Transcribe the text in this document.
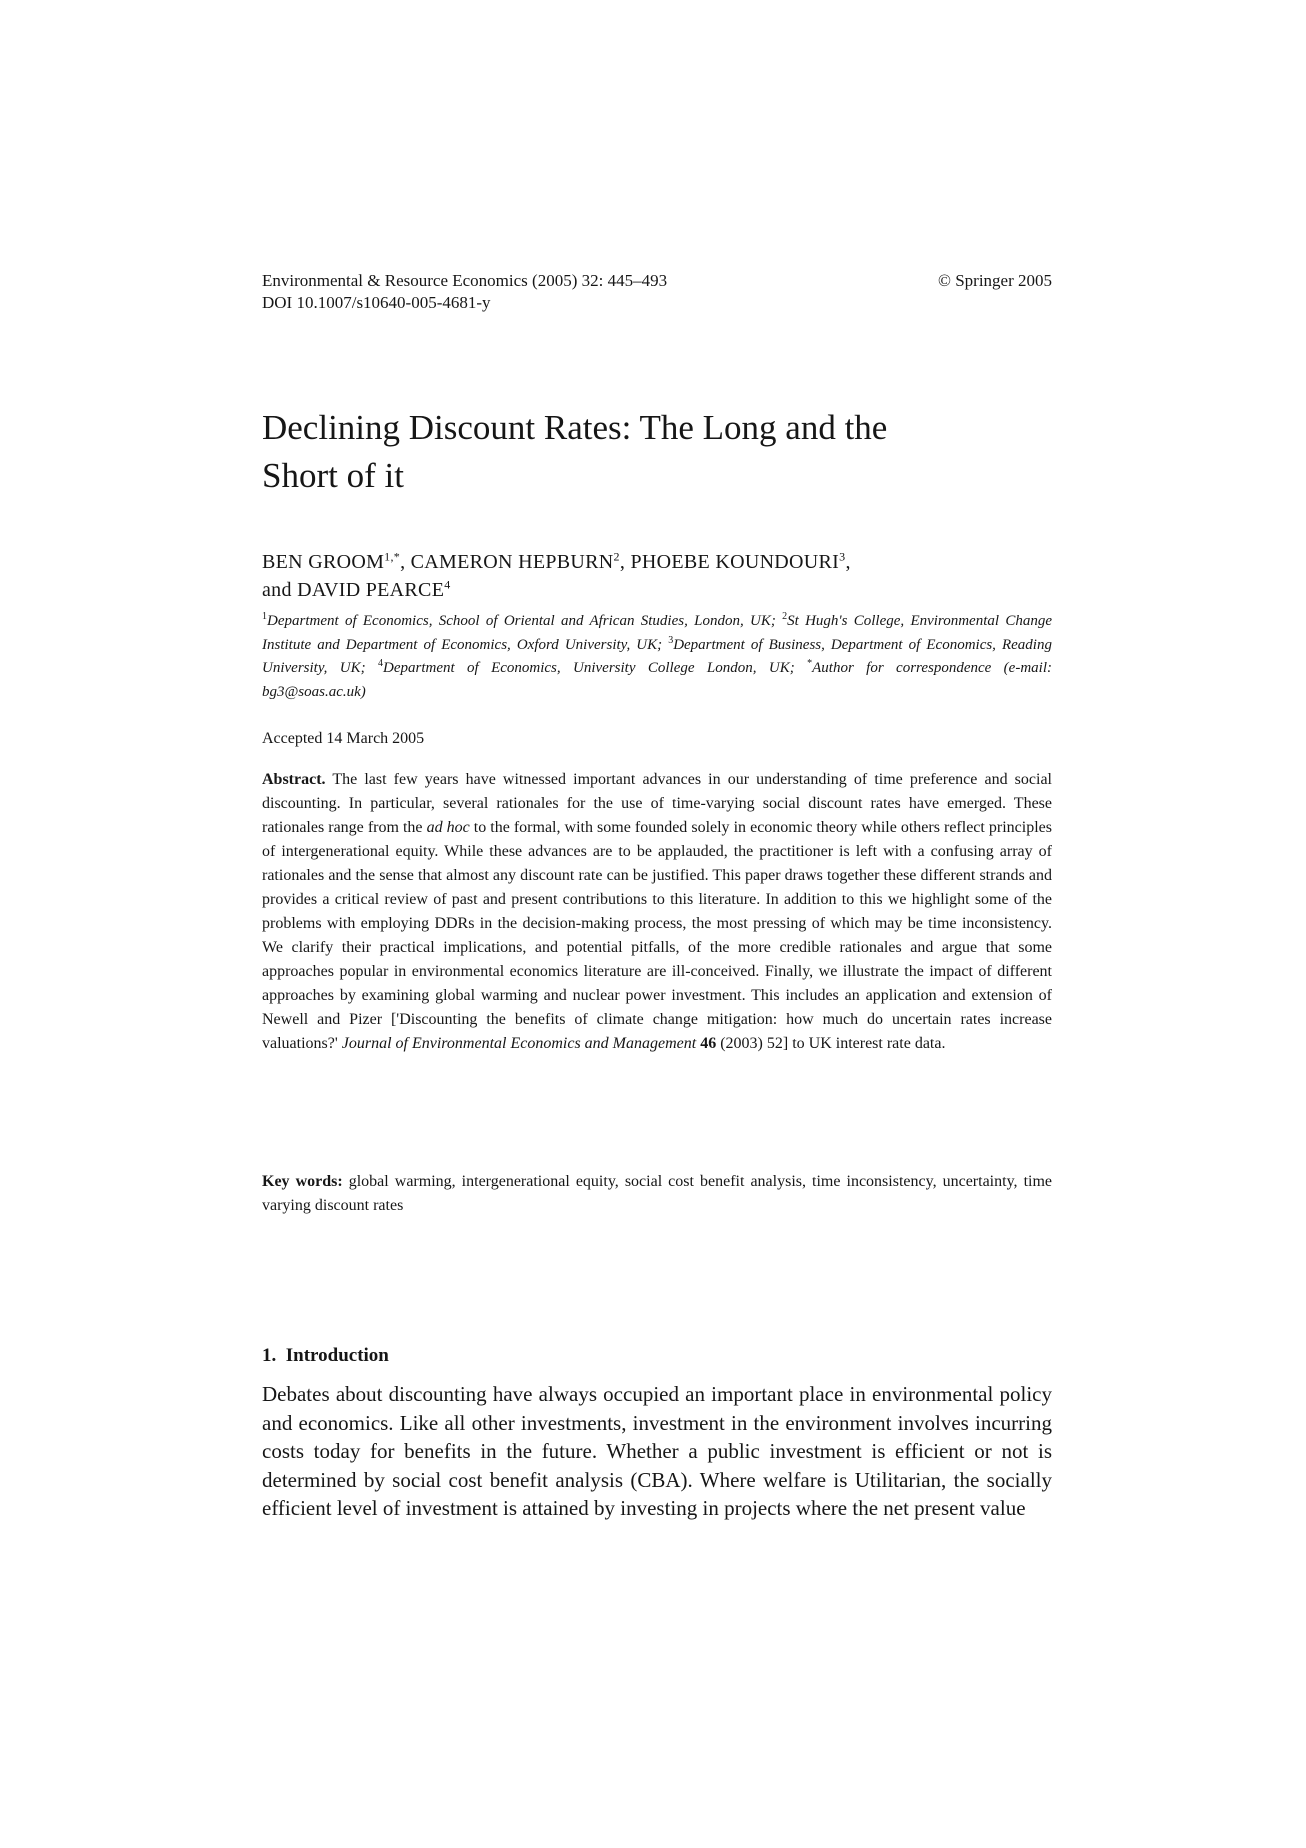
Environmental & Resource Economics (2005) 32: 445–493	© Springer 2005
DOI 10.1007/s10640-005-4681-y
Declining Discount Rates: The Long and the
Short of it
BEN $GROOM^{1,*}$, CAMERON HEPBURN$^2$, PHOEBE KOUNDOURI$^3$,
and DAVID PEARCE$^4$
$^1$Department of Economics, School of Oriental and African Studies, London, UK; $^2$St Hugh's College, Environmental Change Institute and Department of Economics, Oxford University, UK; $^3$Department of Business, Department of Economics, Reading University, UK; $^4$Department of Economics, University College London, UK; *Author for correspondence (e-mail: bg3@soas.ac.uk)
Accepted 14 March 2005

Abstract. The last few years have witnessed important advances in our understanding of time preference and social discounting. In particular, several rationales for the use of time-varying social discount rates have emerged. These rationales range from the ad hoc to the formal, with some founded solely in economic theory while others reflect principles of intergenerational equity. While these advances are to be applauded, the practitioner is left with a confusing array of rationales and the sense that almost any discount rate can be justified. This paper draws together these different strands and provides a critical review of past and present contributions to this literature. In addition to this we highlight some of the problems with employing DDRs in the decision-making process, the most pressing of which may be time inconsistency. We clarify their practical implications, and potential pitfalls, of the more credible rationales and argue that some approaches popular in environmental economics literature are ill-conceived. Finally, we illustrate the impact of different approaches by examining global warming and nuclear power investment. This includes an application and extension of Newell and Pizer ['Discounting the benefits of climate change mitigation: how much do uncertain rates increase valuations?' Journal of Environmental Economics and Management 46 (2003) 52] to UK interest rate data.

Key words: global warming, intergenerational equity, social cost benefit analysis, time inconsistency, uncertainty, time varying discount rates

1. Introduction

Debates about discounting have always occupied an important place in environmental policy and economics. Like all other investments, investment in the environment involves incurring costs today for benefits in the future. Whether a public investment is efficient or not is determined by social cost benefit analysis (CBA). Where welfare is Utilitarian, the socially efficient level of investment is attained by investing in projects where the net present value
